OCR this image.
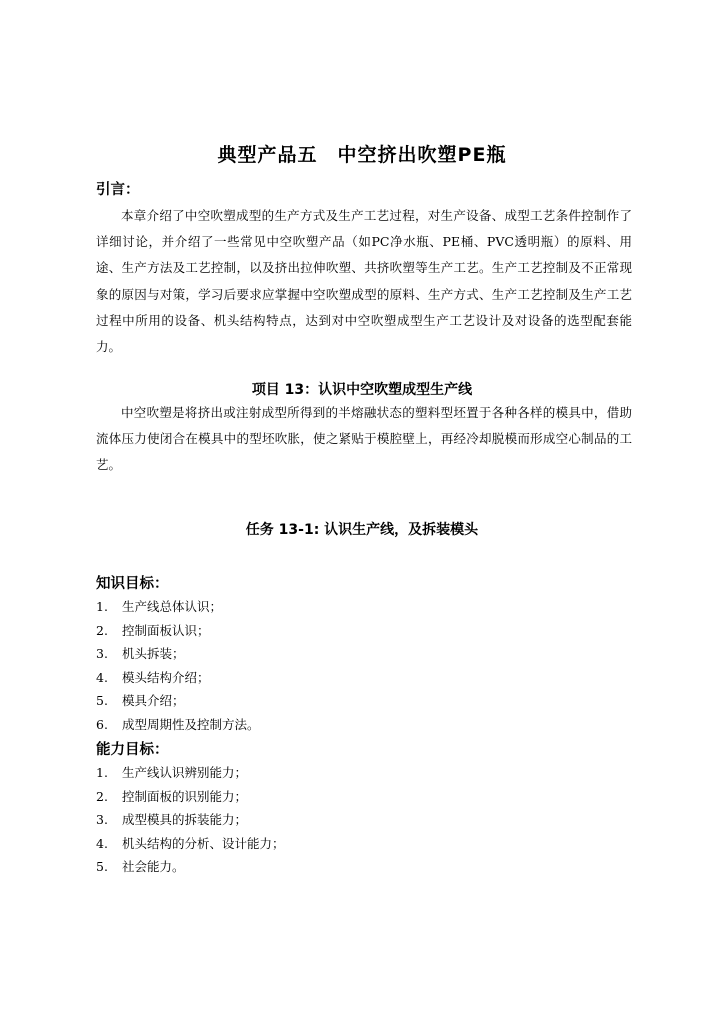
典型产品五　中空挤出吹塑PE瓶
引言：
本章介绍了中空吹塑成型的生产方式及生产工艺过程，对生产设备、成型工艺条件控制作了详细讨论，并介绍了一些常见中空吹塑产品（如PC净水瓶、PE桶、PVC透明瓶）的原料、用途、生产方法及工艺控制，以及挤出拉伸吹塑、共挤吹塑等生产工艺。生产工艺控制及不正常现象的原因与对策，学习后要求应掌握中空吹塑成型的原料、生产方式、生产工艺控制及生产工艺过程中所用的设备、机头结构特点，达到对中空吹塑成型生产工艺设计及对设备的选型配套能力。
项目 13：认识中空吹塑成型生产线
中空吹塑是将挤出或注射成型所得到的半熔融状态的塑料型坯置于各种各样的模具中，借助流体压力使闭合在模具中的型坯吹胀，使之紧贴于模腔壁上，再经冷却脱模而形成空心制品的工艺。
任务 13-1: 认识生产线，及拆装模头
知识目标：
1. 生产线总体认识；
2. 控制面板认识；
3. 机头拆装；
4. 模头结构介绍；
5. 模具介绍；
6. 成型周期性及控制方法。
能力目标：
1. 生产线认识辨别能力；
2. 控制面板的识别能力；
3. 成型模具的拆装能力；
4. 机头结构的分析、设计能力；
5. 社会能力。
